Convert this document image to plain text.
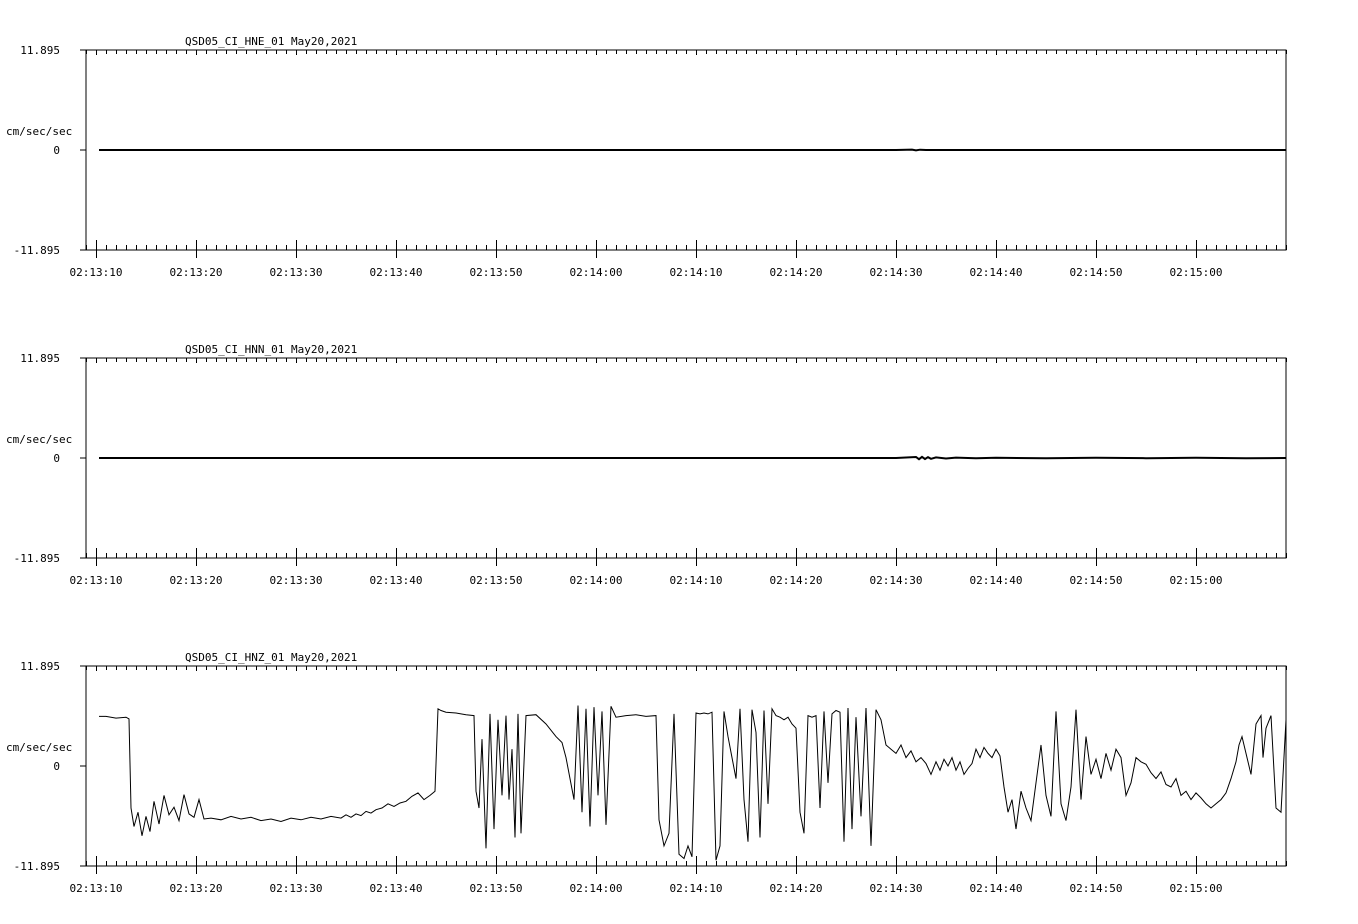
QSD05_CI_HNE_01 May20,2021
11.895
0
-11.895
cm/sec/sec
02:13:10	02:13:20	02:13:30	02:13:40	02:13:50	02:14:00	02:14:10	02:14:20	02:14:30	02:14:40	02:14:50	02:15:00
QSD05_CI_HNN_01 May20,2021
11.895
0
-11.895
cm/sec/sec
02:13:10	02:13:20	02:13:30	02:13:40	02:13:50	02:14:00	02:14:10	02:14:20	02:14:30	02:14:40	02:14:50	02:15:00
QSD05_CI_HNZ_01 May20,2021
11.895
0
-11.895
cm/sec/sec
02:13:10	02:13:20	02:13:30	02:13:40	02:13:50	02:14:00	02:14:10	02:14:20	02:14:30	02:14:40	02:14:50	02:15:00
